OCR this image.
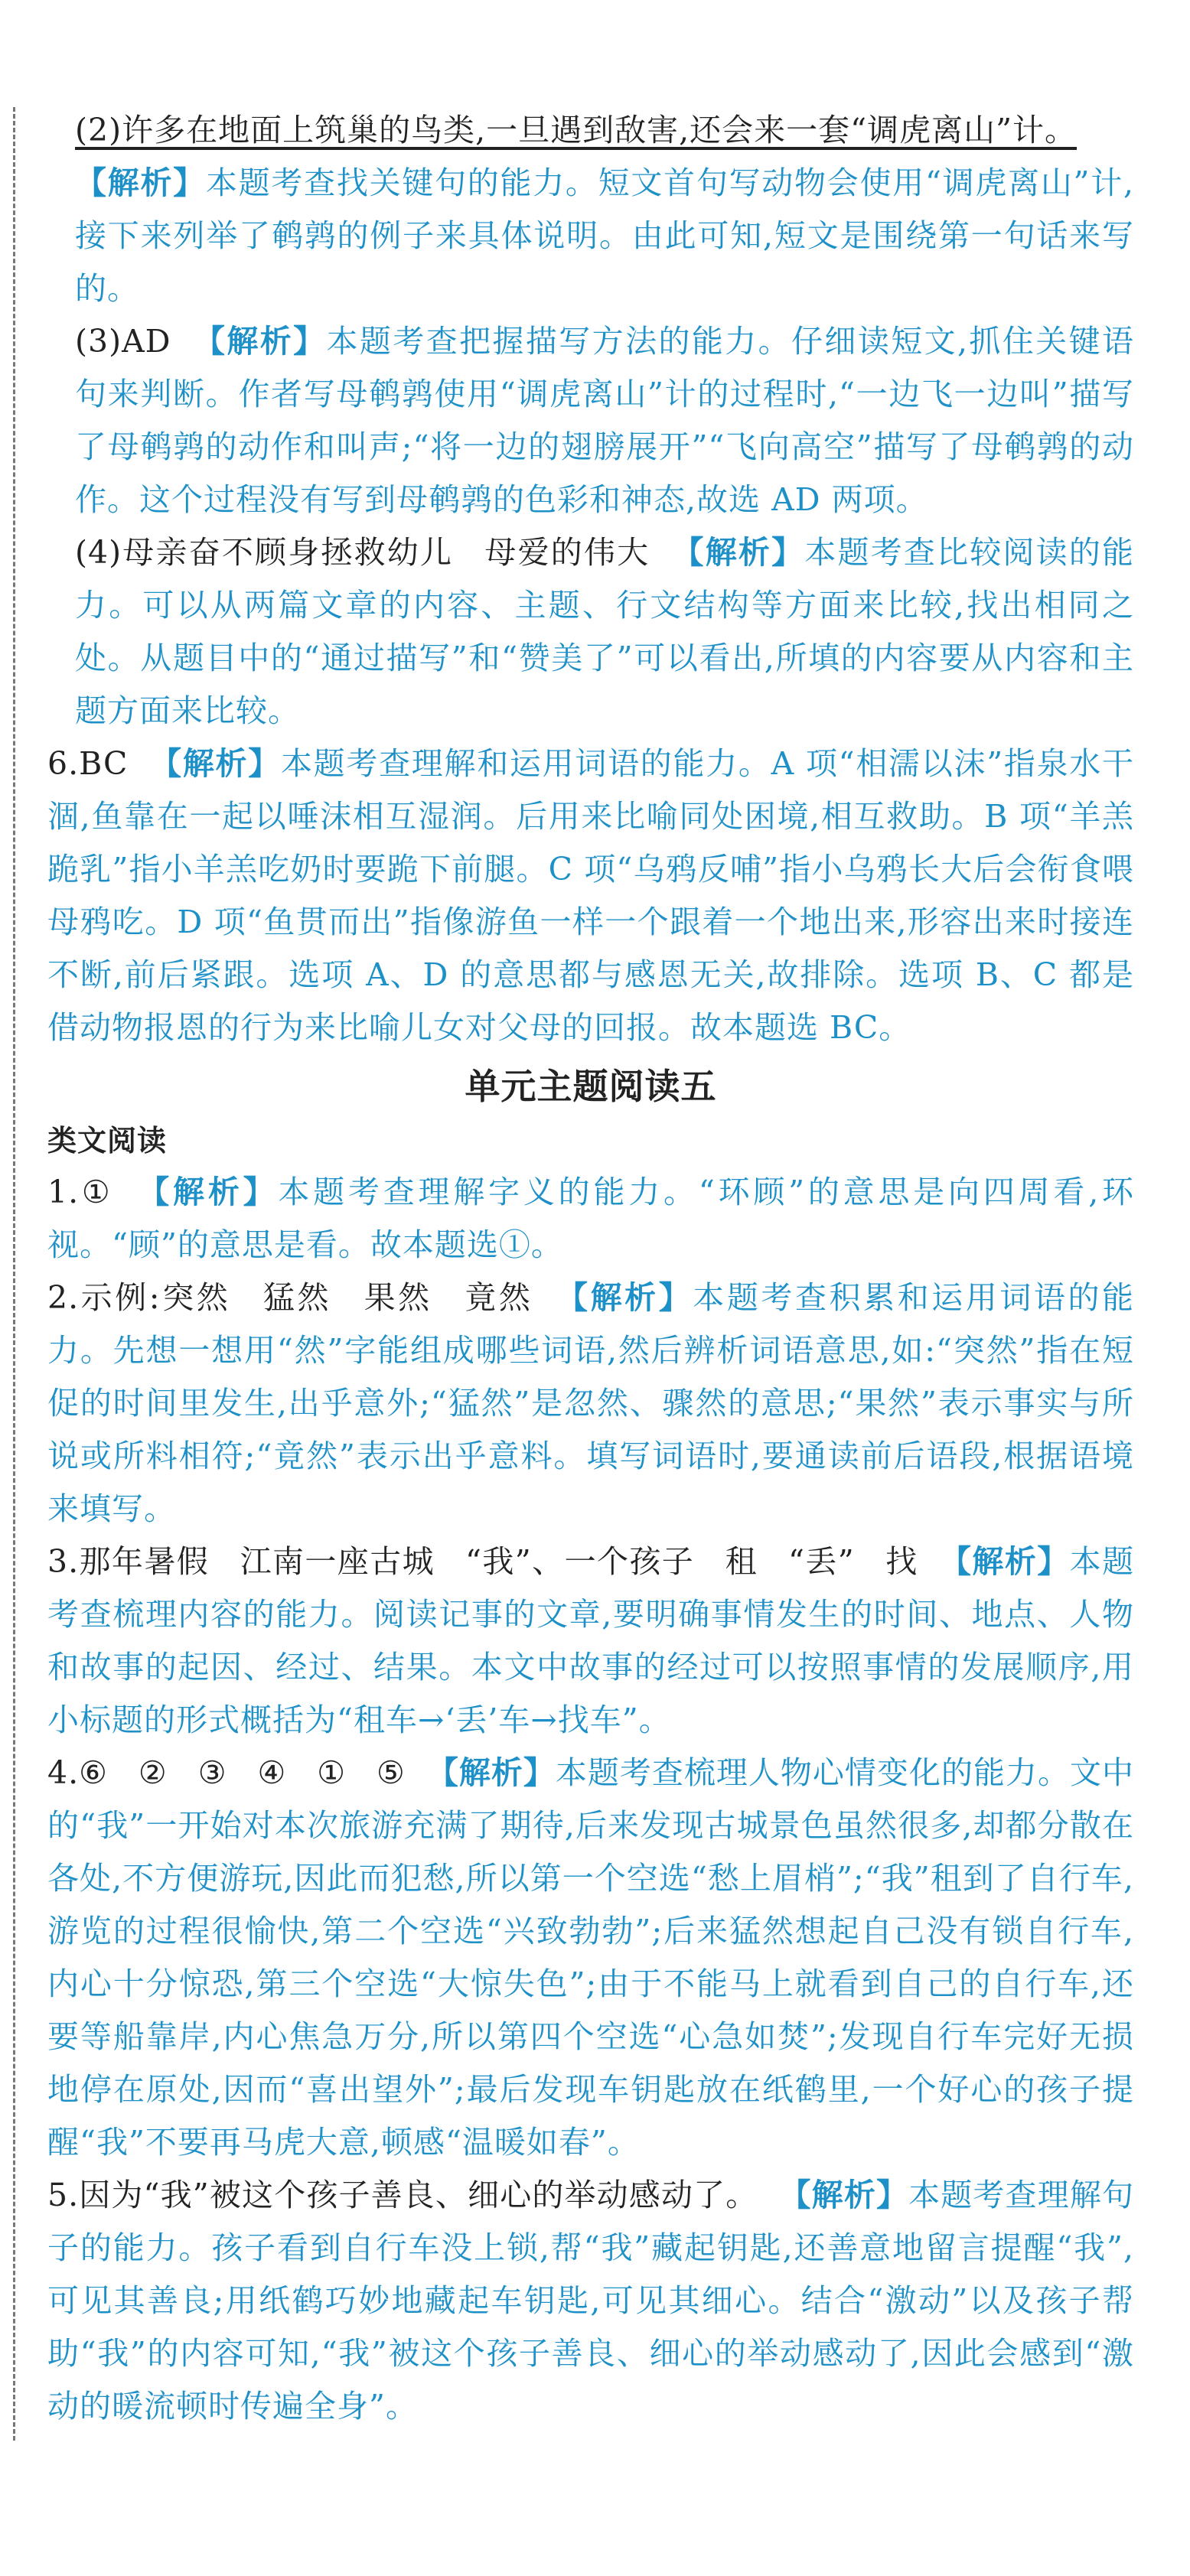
(2)许多在地面上筑巢的鸟类,一旦遇到敌害,还会来一套“调虎离山”计。
【解析】本题考查找关键句的能力。短文首句写动物会使用“调虎离山”计,接下来列举了鹌鹑的例子来具体说明。由此可知,短文是围绕第一句话来写的。

(3)AD 【解析】本题考查把握描写方法的能力。仔细读短文,抓住关键语句来判断。作者写母鹌鹑使用“调虎离山”计的过程时,“一边飞一边叫”描写了母鹌鹑的动作和叫声;“将一边的翅膀展开”“飞向高空”描写了母鹌鹑的动作。这个过程没有写到母鹌鹑的色彩和神态,故选 AD 两项。

(4)母亲奋不顾身拯救幼儿 母爱的伟大 【解析】本题考查比较阅读的能力。可以从两篇文章的内容、主题、行文结构等方面来比较,找出相同之处。从题目中的“通过描写”和“赞美了”可以看出,所填的内容要从内容和主题方面来比较。

6.BC 【解析】本题考查理解和运用词语的能力。A 项“相濡以沫”指泉水干涸,鱼靠在一起以唾沫相互湿润。后用来比喻同处困境,相互救助。B 项“羊羔跪乳”指小羊羔吃奶时要跪下前腿。C 项“乌鸦反哺”指小乌鸦长大后会衔食喂母鸦吃。D 项“鱼贯而出”指像游鱼一样一个跟着一个地出来,形容出来时接连不断,前后紧跟。选项 A、D 的意思都与感恩无关,故排除。选项 B、C 都是借动物报恩的行为来比喻儿女对父母的回报。故本题选 BC。

单元主题阅读五
类文阅读

1.① 【解析】本题考查理解字义的能力。“环顾”的意思是向四周看,环视。“顾”的意思是看。故本题选①。

2.示例:突然 猛然 果然 竟然 【解析】本题考查积累和运用词语的能力。先想一想用“然”字能组成哪些词语,然后辨析词语意思,如:“突然”指在短促的时间里发生,出乎意外;“猛然”是忽然、骤然的意思;“果然”表示事实与所说或所料相符;“竟然”表示出乎意料。填写词语时,要通读前后语段,根据语境来填写。

3.那年暑假 江南一座古城 “我”、一个孩子 租 “丢” 找 【解析】本题考查梳理内容的能力。阅读记事的文章,要明确事情发生的时间、地点、人物和故事的起因、经过、结果。本文中故事的经过可以按照事情的发展顺序,用小标题的形式概括为“租车→‘丢’车→找车”。

4.⑥ ② ③ ④ ① ⑤ 【解析】本题考查梳理人物心情变化的能力。文中的“我”一开始对本次旅游充满了期待,后来发现古城景色虽然很多,却都分散在各处,不方便游玩,因此而犯愁,所以第一个空选“愁上眉梢”;“我”租到了自行车,游览的过程很愉快,第二个空选“兴致勃勃”;后来猛然想起自己没有锁自行车,内心十分惊恐,第三个空选“大惊失色”;由于不能马上就看到自己的自行车,还要等船靠岸,内心焦急万分,所以第四个空选“心急如焚”;发现自行车完好无损地停在原处,因而“喜出望外”;最后发现车钥匙放在纸鹤里,一个好心的孩子提醒“我”不要再马虎大意,顿感“温暖如春”。

5.因为“我”被这个孩子善良、细心的举动感动了。 【解析】本题考查理解句子的能力。孩子看到自行车没上锁,帮“我”藏起钥匙,还善意地留言提醒“我”,可见其善良;用纸鹤巧妙地藏起车钥匙,可见其细心。结合“激动”以及孩子帮助“我”的内容可知,“我”被这个孩子善良、细心的举动感动了,因此会感到“激动的暖流顿时传遍全身”。
